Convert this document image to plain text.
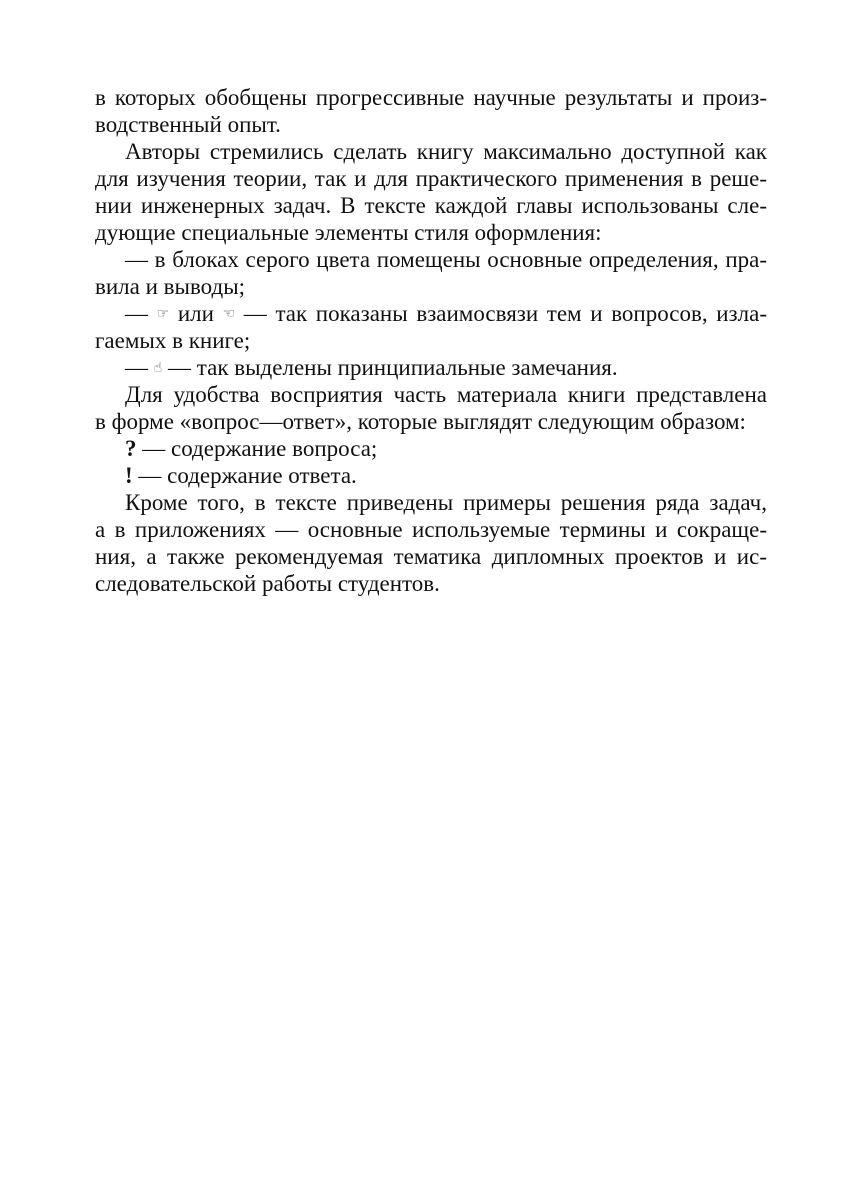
в которых обобщены прогрессивные научные результаты и произ-
водственный опыт.
Авторы стремились сделать книгу максимально доступной как
для изучения теории, так и для практического применения в реше-
нии инженерных задач. В тексте каждой главы использованы сле-
дующие специальные элементы стиля оформления:
— в блоках серого цвета помещены основные определения, пра-
вила и выводы;
— ☞ или ☜ — так показаны взаимосвязи тем и вопросов, изла-
гаемых в книге;
— ☝ — так выделены принципиальные замечания.
Для удобства восприятия часть материала книги представлена
в форме «вопрос—ответ», которые выглядят следующим образом:
? — содержание вопроса;
! — содержание ответа.
Кроме того, в тексте приведены примеры решения ряда задач,
а в приложениях — основные используемые термины и сокраще-
ния, а также рекомендуемая тематика дипломных проектов и ис-
следовательской работы студентов.
